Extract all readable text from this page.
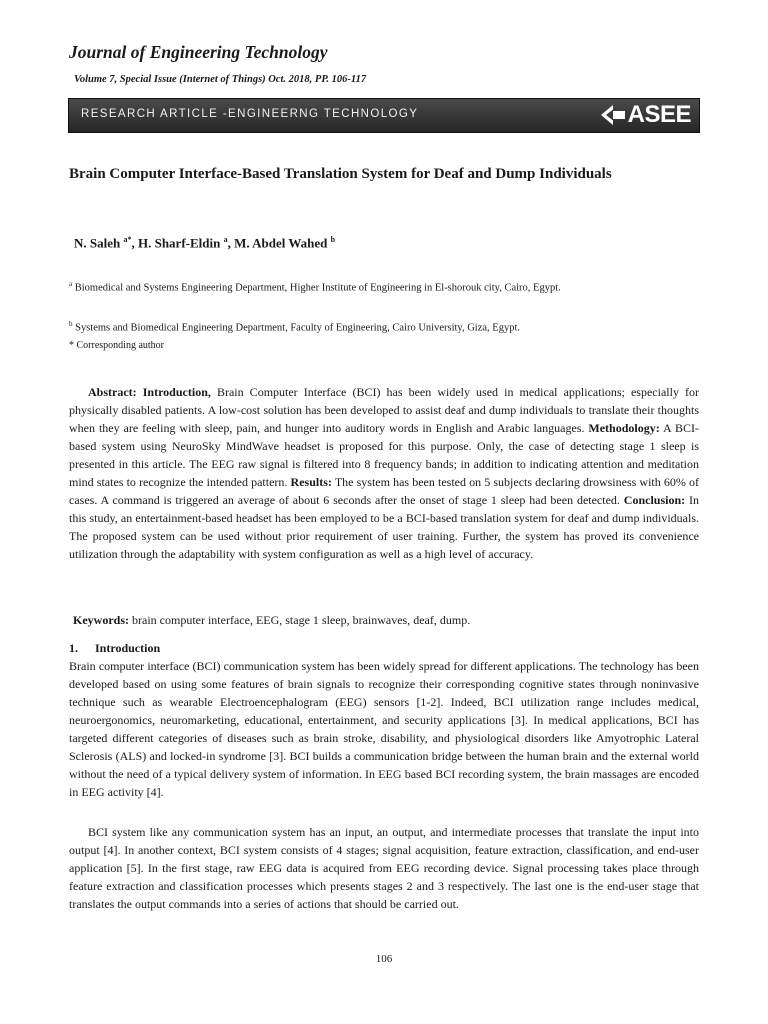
Journal of Engineering Technology
Volume 7, Special Issue (Internet of Things) Oct. 2018, PP. 106-117
RESEARCH ARTICLE -ENGINEERNG TECHNOLOGY	ASEE
Brain Computer Interface-Based Translation System for Deaf and Dump Individuals
N. Saleh $^{a*}$, H. Sharf-Eldin $^a$, M. Abdel Wahed $^b$
$^a$ Biomedical and Systems Engineering Department, Higher Institute of Engineering in El-shorouk city, Cairo, Egypt.
$^b$ Systems and Biomedical Engineering Department, Faculty of Engineering, Cairo University, Giza, Egypt.
* Corresponding author
Abstract: Introduction, Brain Computer Interface (BCI) has been widely used in medical applications; especially for physically disabled patients. A low-cost solution has been developed to assist deaf and dump individuals to translate their thoughts when they are feeling with sleep, pain, and hunger into auditory words in English and Arabic languages. Methodology: A BCI-based system using NeuroSky MindWave headset is proposed for this purpose. Only, the case of detecting stage 1 sleep is presented in this article. The EEG raw signal is filtered into 8 frequency bands; in addition to indicating attention and meditation mind states to recognize the intended pattern. Results: The system has been tested on 5 subjects declaring drowsiness with 60% of cases. A command is triggered an average of about 6 seconds after the onset of stage 1 sleep had been detected. Conclusion: In this study, an entertainment-based headset has been employed to be a BCI-based translation system for deaf and dump individuals. The proposed system can be used without prior requirement of user training. Further, the system has proved its convenience utilization through the adaptability with system configuration as well as a high level of accuracy.
Keywords: brain computer interface, EEG, stage 1 sleep, brainwaves, deaf, dump.
1. Introduction
Brain computer interface (BCI) communication system has been widely spread for different applications. The technology has been developed based on using some features of brain signals to recognize their corresponding cognitive states through noninvasive technique such as wearable Electroencephalogram (EEG) sensors [1-2]. Indeed, BCI utilization range includes medical, neuroergonomics, neuromarketing, educational, entertainment, and security applications [3]. In medical applications, BCI has targeted different categories of diseases such as brain stroke, disability, and physiological disorders like Amyotrophic Lateral Sclerosis (ALS) and locked-in syndrome [3]. BCI builds a communication bridge between the human brain and the external world without the need of a typical delivery system of information. In EEG based BCI recording system, the brain massages are encoded in EEG activity [4].
BCI system like any communication system has an input, an output, and intermediate processes that translate the input into output [4]. In another context, BCI system consists of 4 stages; signal acquisition, feature extraction, classification, and end-user application [5]. In the first stage, raw EEG data is acquired from EEG recording device. Signal processing takes place through feature extraction and classification processes which presents stages 2 and 3 respectively. The last one is the end-user stage that translates the output commands into a series of actions that should be carried out.
106
